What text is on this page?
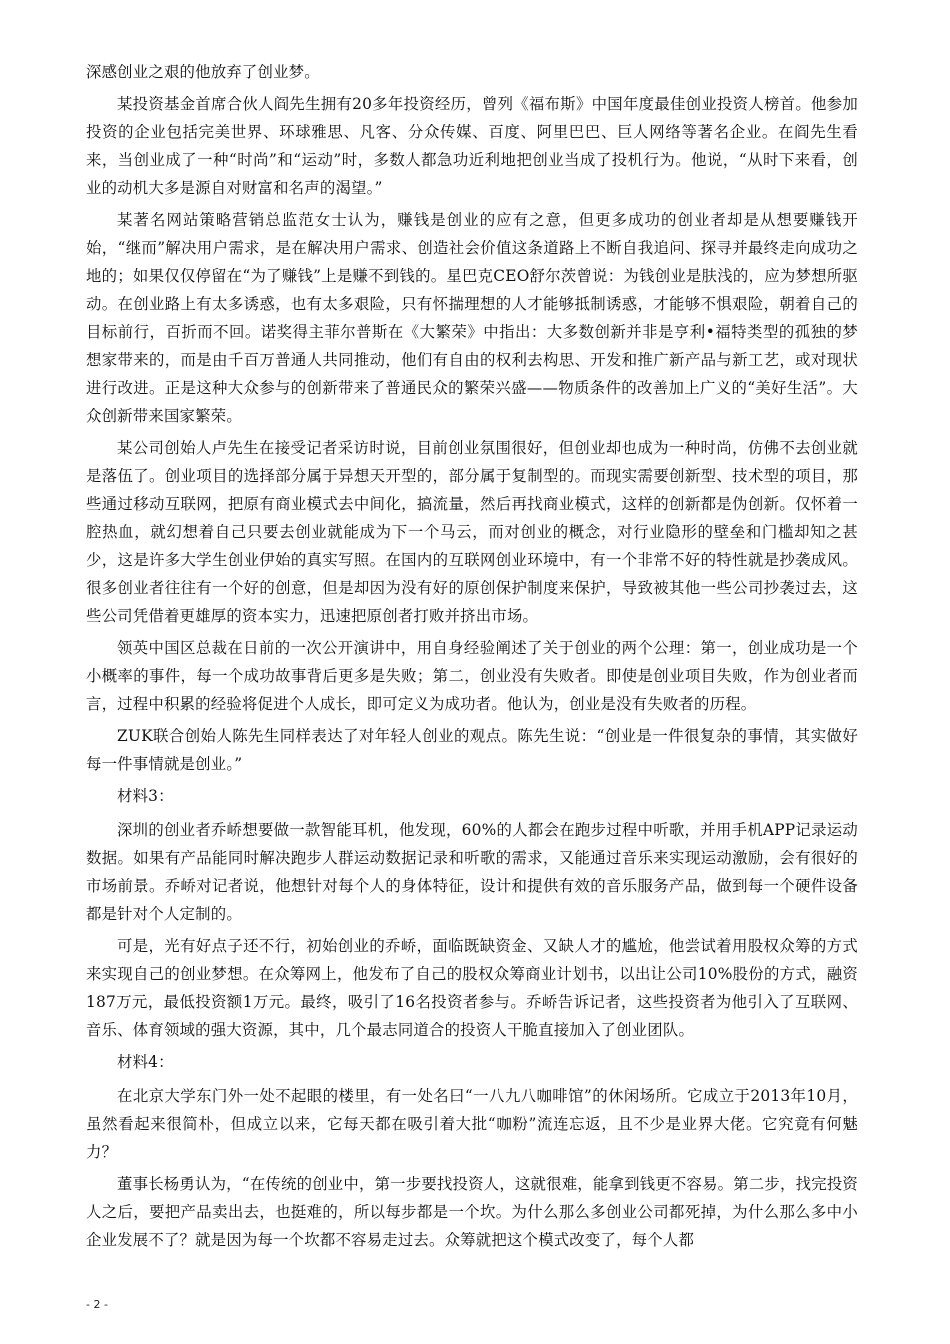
深感创业之艰的他放弃了创业梦。

某投资基金首席合伙人阎先生拥有20多年投资经历，曾列《福布斯》中国年度最佳创业投资人榜首。他参加投资的企业包括完美世界、环球雅思、凡客、分众传媒、百度、阿里巴巴、巨人网络等著名企业。在阎先生看来，当创业成了一种“时尚”和“运动”时，多数人都急功近利地把创业当成了投机行为。他说，“从时下来看，创业的动机大多是源自对财富和名声的渴望。”

某著名网站策略营销总监范女士认为，赚钱是创业的应有之意，但更多成功的创业者却是从想要赚钱开始，“继而”解决用户需求，是在解决用户需求、创造社会价值这条道路上不断自我追问、探寻并最终走向成功之地的；如果仅仅停留在“为了赚钱”上是赚不到钱的。星巴克CEO舒尔茨曾说：为钱创业是肤浅的，应为梦想所驱动。在创业路上有太多诱惑，也有太多艰险，只有怀揣理想的人才能够抵制诱惑，才能够不惧艰险，朝着自己的目标前行，百折而不回。诺奖得主菲尔普斯在《大繁荣》中指出：大多数创新并非是亨利•福特类型的孤独的梦想家带来的，而是由千百万普通人共同推动，他们有自由的权利去构思、开发和推广新产品与新工艺，或对现状进行改进。正是这种大众参与的创新带来了普通民众的繁荣兴盛——物质条件的改善加上广义的“美好生活”。大众创新带来国家繁荣。

某公司创始人卢先生在接受记者采访时说，目前创业氛围很好，但创业却也成为一种时尚，仿佛不去创业就是落伍了。创业项目的选择部分属于异想天开型的，部分属于复制型的。而现实需要创新型、技术型的项目，那些通过移动互联网，把原有商业模式去中间化，搞流量，然后再找商业模式，这样的创新都是伪创新。仅怀着一腔热血，就幻想着自己只要去创业就能成为下一个马云，而对创业的概念，对行业隐形的壁垒和门槛却知之甚少，这是许多大学生创业伊始的真实写照。在国内的互联网创业环境中，有一个非常不好的特性就是抄袭成风。很多创业者往往有一个好的创意，但是却因为没有好的原创保护制度来保护，导致被其他一些公司抄袭过去，这些公司凭借着更雄厚的资本实力，迅速把原创者打败并挤出市场。

领英中国区总裁在日前的一次公开演讲中，用自身经验阐述了关于创业的两个公理：第一，创业成功是一个小概率的事件，每一个成功故事背后更多是失败；第二，创业没有失败者。即使是创业项目失败，作为创业者而言，过程中积累的经验将促进个人成长，即可定义为成功者。他认为，创业是没有失败者的历程。

ZUK联合创始人陈先生同样表达了对年轻人创业的观点。陈先生说：“创业是一件很复杂的事情，其实做好每一件事情就是创业。”

材料3：

深圳的创业者乔峤想要做一款智能耳机，他发现，60%的人都会在跑步过程中听歌，并用手机APP记录运动数据。如果有产品能同时解决跑步人群运动数据记录和听歌的需求，又能通过音乐来实现运动激励，会有很好的市场前景。乔峤对记者说，他想针对每个人的身体特征，设计和提供有效的音乐服务产品，做到每一个硬件设备都是针对个人定制的。

可是，光有好点子还不行，初始创业的乔峤，面临既缺资金、又缺人才的尴尬，他尝试着用股权众筹的方式来实现自己的创业梦想。在众筹网上，他发布了自己的股权众筹商业计划书，以出让公司10%股份的方式，融资187万元，最低投资额1万元。最终，吸引了16名投资者参与。乔峤告诉记者，这些投资者为他引入了互联网、音乐、体育领域的强大资源，其中，几个最志同道合的投资人干脆直接加入了创业团队。

材料4：

在北京大学东门外一处不起眼的楼里，有一处名曰“一八九八咖啡馆”的休闲场所。它成立于2013年10月，虽然看起来很简朴，但成立以来，它每天都在吸引着大批“咖粉”流连忘返，且不少是业界大佬。它究竟有何魅力？

董事长杨勇认为，“在传统的创业中，第一步要找投资人，这就很难，能拿到钱更不容易。第二步，找完投资人之后，要把产品卖出去，也挺难的，所以每步都是一个坎。为什么那么多创业公司都死掉，为什么那么多中小企业发展不了？就是因为每一个坎都不容易走过去。众筹就把这个模式改变了，每个人都

- 2 -
